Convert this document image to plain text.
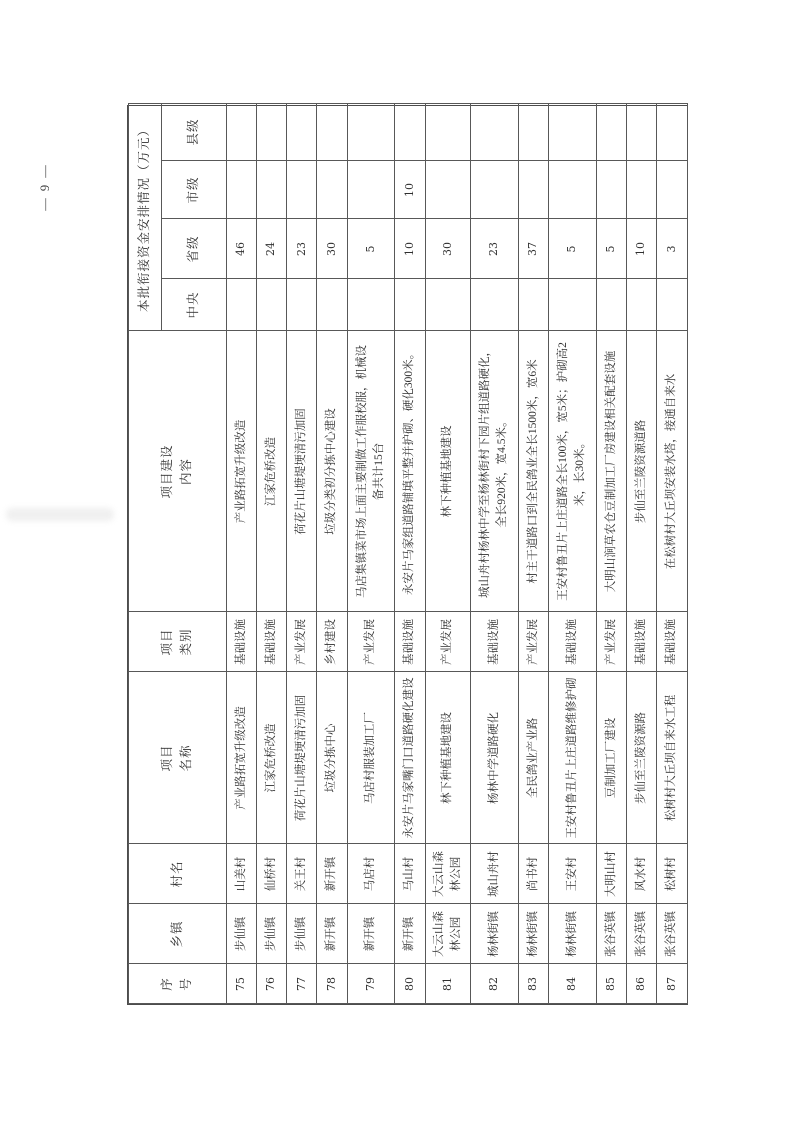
— 9 —
序号
乡镇
村名
项目名称
项目类别
项目建设内容
本批衔接资金安排情况（万元）	中央
省级
市级
县级
75
步仙镇
山美村
产业路拓宽升级改造
基础设施
产业路拓宽升级改造
46
76
步仙镇
仙桥村
江家危桥改造
基础设施
江家危桥改造
24
77
步仙镇
关王村
荷花片山塘堤埂清污加固
产业发展
荷花片山塘堤埂清污加固
23
78
新开镇
新开镇
垃圾分拣中心
乡村建设
垃圾分类初分拣中心建设
30
79
新开镇
马店村
马店村服装加工厂
产业发展
马店集镇菜市场上面主要制做工作服校服，机械设备共计15台
5
80
新开镇
马山村
永安片马家嘴门口道路硬化建设
基础设施
永安片马家组道路铺填平整并护砌、硬化300米。
10
10
81
大云山森林公园
大云山森林公园
林下种植基地建设
产业发展
林下种植基地建设
30
82
杨林街镇
城山舟村
杨林中学道路硬化
基础设施
城山舟村杨林中学至杨林街村下园片组道路硬化，全长920米，宽4.5米。
23
83
杨林街镇
尚书村
全民鸽业产业路
产业发展
村主干道路口到全民鸽业全长1500米，宽6米
37
84
杨林街镇
王安村
王安村鲁丑片上庄道路维修护砌
基础设施
王安村鲁丑片上庄道路全长100米，宽5米；护砌高2米，长30米。
5
85
张谷英镇
大明山村
豆制加工厂建设
产业发展
大明山涧草农仓豆制加工厂房建设相关配套设施
5
86
张谷英镇
风水村
步仙至兰陵资源路
基础设施
步仙至兰陵资源道路
10
87
张谷英镇
松树村
松树村大丘坝自来水工程
基础设施
在松树村大丘坝安装水塔，接通自来水
3
